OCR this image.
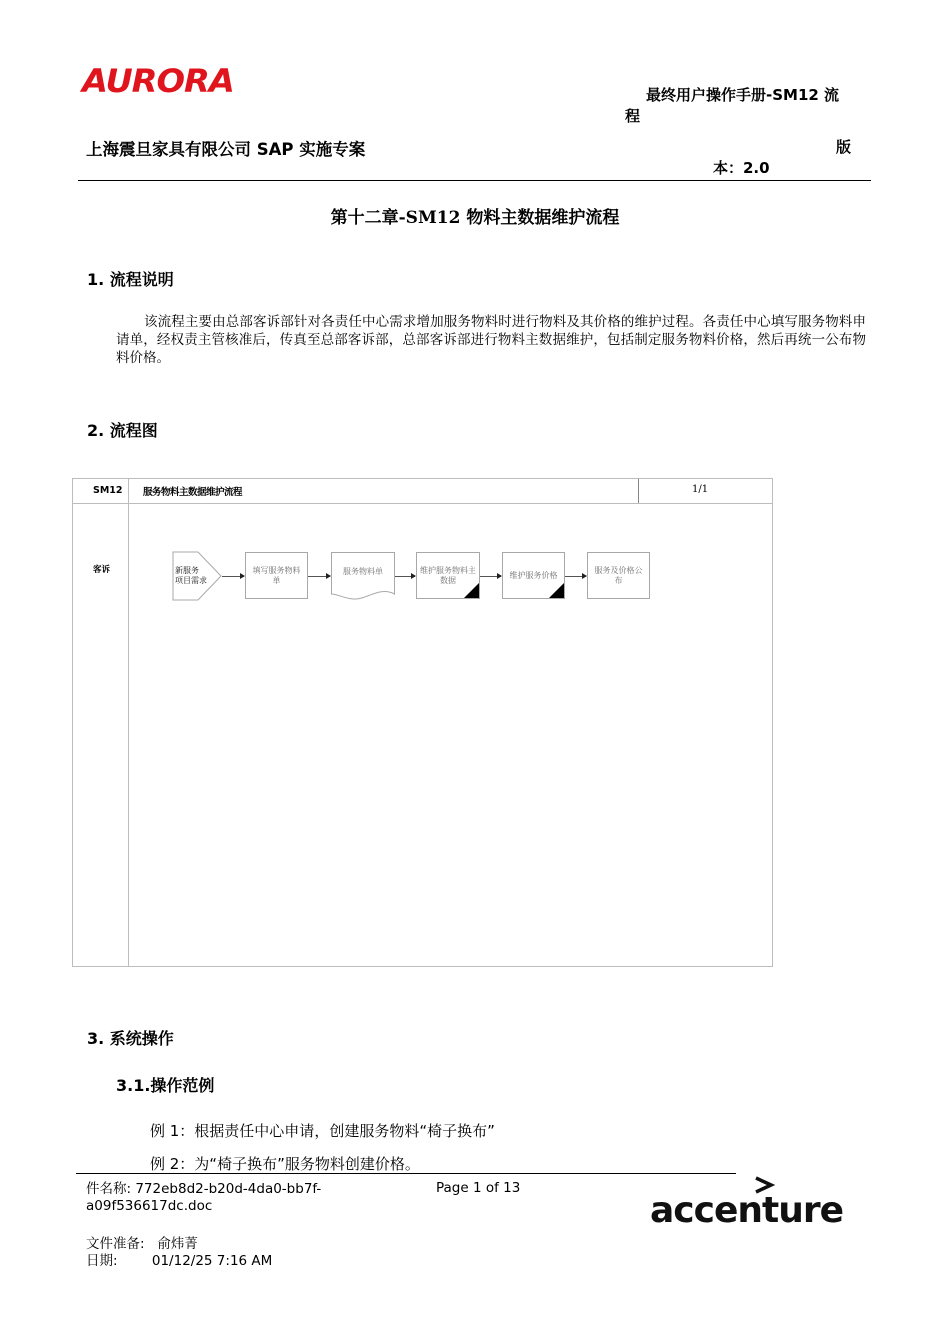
AURORA	最终用户操作手册-SM12 流
程
上海震旦家具有限公司 SAP 实施专案	版
本：2.0
第十二章-SM12 物料主数据维护流程
1. 流程说明
该流程主要由总部客诉部针对各责任中心需求增加服务物料时进行物料及其价格的维护过程。各责任中心填写服务物料申请单，经权责主管核准后，传真至总部客诉部，总部客诉部进行物料主数据维护，包括制定服务物料价格，然后再统一公布物料价格。
2. 流程图
SM12 服务物料主数据维护流程	1/1
客诉	新服务
项目需求
填写服务物料单
服务物料单	维护服务物料主数据
维护服务价格
服务及价格公布
3. 系统操作
3.1.操作范例
例 1：根据责任中心申请，创建服务物料“椅子换布”
例 2：为“椅子换布”服务物料创建价格。
件名称: 772eb8d2-b20d-4da0-bb7f-
a09f536617dc.doc
Page 1 of 13
文件准备:   俞炜菁
日期:        01/12/25 7:16 AM
accenture
